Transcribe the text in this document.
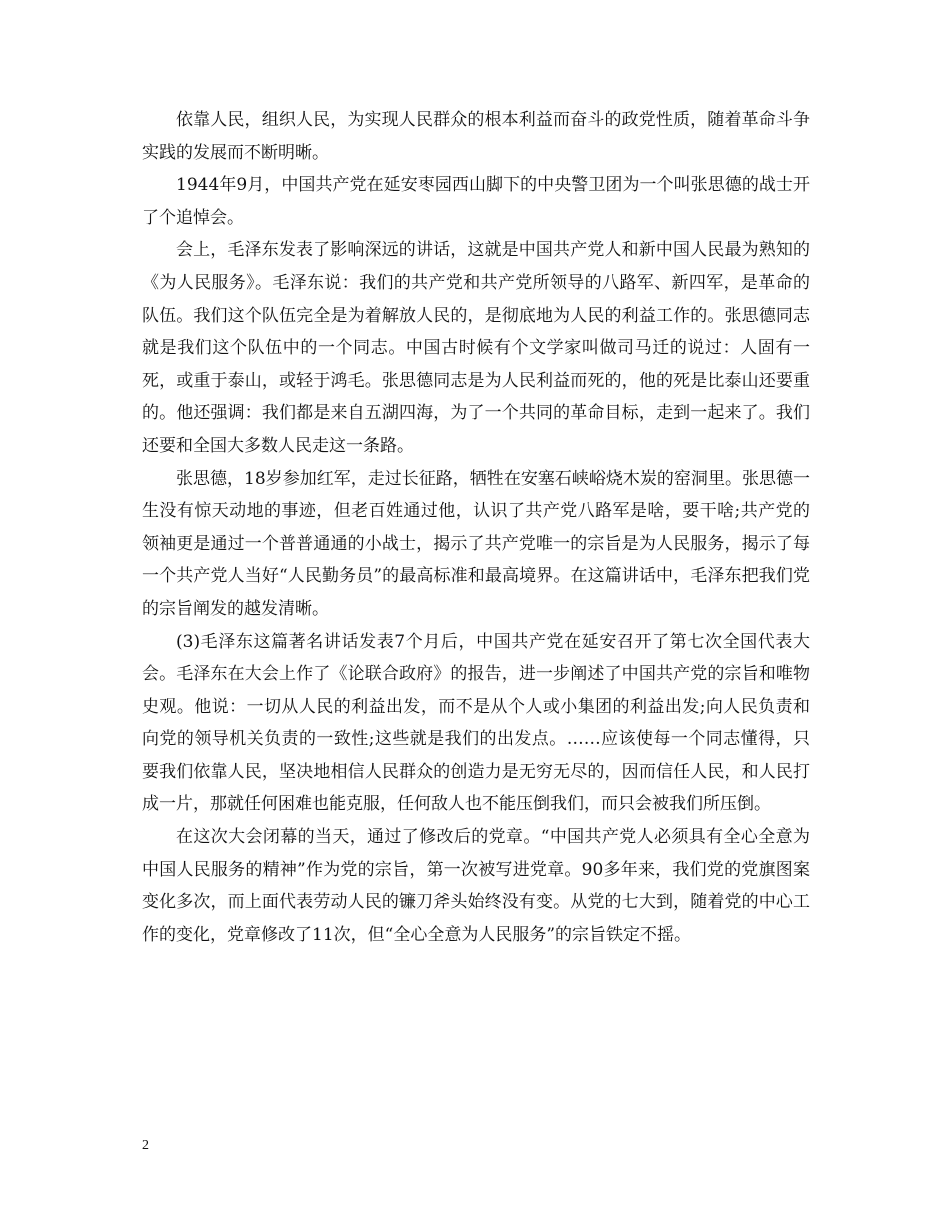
依靠人民，组织人民，为实现人民群众的根本利益而奋斗的政党性质，随着革命斗争实践的发展而不断明晰。

1944年9月，中国共产党在延安枣园西山脚下的中央警卫团为一个叫张思德的战士开了个追悼会。

会上，毛泽东发表了影响深远的讲话，这就是中国共产党人和新中国人民最为熟知的《为人民服务》。毛泽东说：我们的共产党和共产党所领导的八路军、新四军，是革命的队伍。我们这个队伍完全是为着解放人民的，是彻底地为人民的利益工作的。张思德同志就是我们这个队伍中的一个同志。中国古时候有个文学家叫做司马迁的说过：人固有一死，或重于泰山，或轻于鸿毛。张思德同志是为人民利益而死的，他的死是比泰山还要重的。他还强调：我们都是来自五湖四海，为了一个共同的革命目标，走到一起来了。我们还要和全国大多数人民走这一条路。

张思德，18岁参加红军，走过长征路，牺牲在安塞石峡峪烧木炭的窑洞里。张思德一生没有惊天动地的事迹，但老百姓通过他，认识了共产党八路军是啥，要干啥;共产党的领袖更是通过一个普普通通的小战士，揭示了共产党唯一的宗旨是为人民服务，揭示了每一个共产党人当好“人民勤务员”的最高标准和最高境界。在这篇讲话中，毛泽东把我们党的宗旨阐发的越发清晰。

(3)毛泽东这篇著名讲话发表7个月后，中国共产党在延安召开了第七次全国代表大会。毛泽东在大会上作了《论联合政府》的报告，进一步阐述了中国共产党的宗旨和唯物史观。他说：一切从人民的利益出发，而不是从个人或小集团的利益出发;向人民负责和向党的领导机关负责的一致性;这些就是我们的出发点。……应该使每一个同志懂得，只要我们依靠人民，坚决地相信人民群众的创造力是无穷无尽的，因而信任人民，和人民打成一片，那就任何困难也能克服，任何敌人也不能压倒我们，而只会被我们所压倒。

在这次大会闭幕的当天，通过了修改后的党章。“中国共产党人必须具有全心全意为中国人民服务的精神”作为党的宗旨，第一次被写进党章。90多年来，我们党的党旗图案变化多次，而上面代表劳动人民的镰刀斧头始终没有变。从党的七大到，随着党的中心工作的变化，党章修改了11次，但“全心全意为人民服务”的宗旨铁定不摇。

2
